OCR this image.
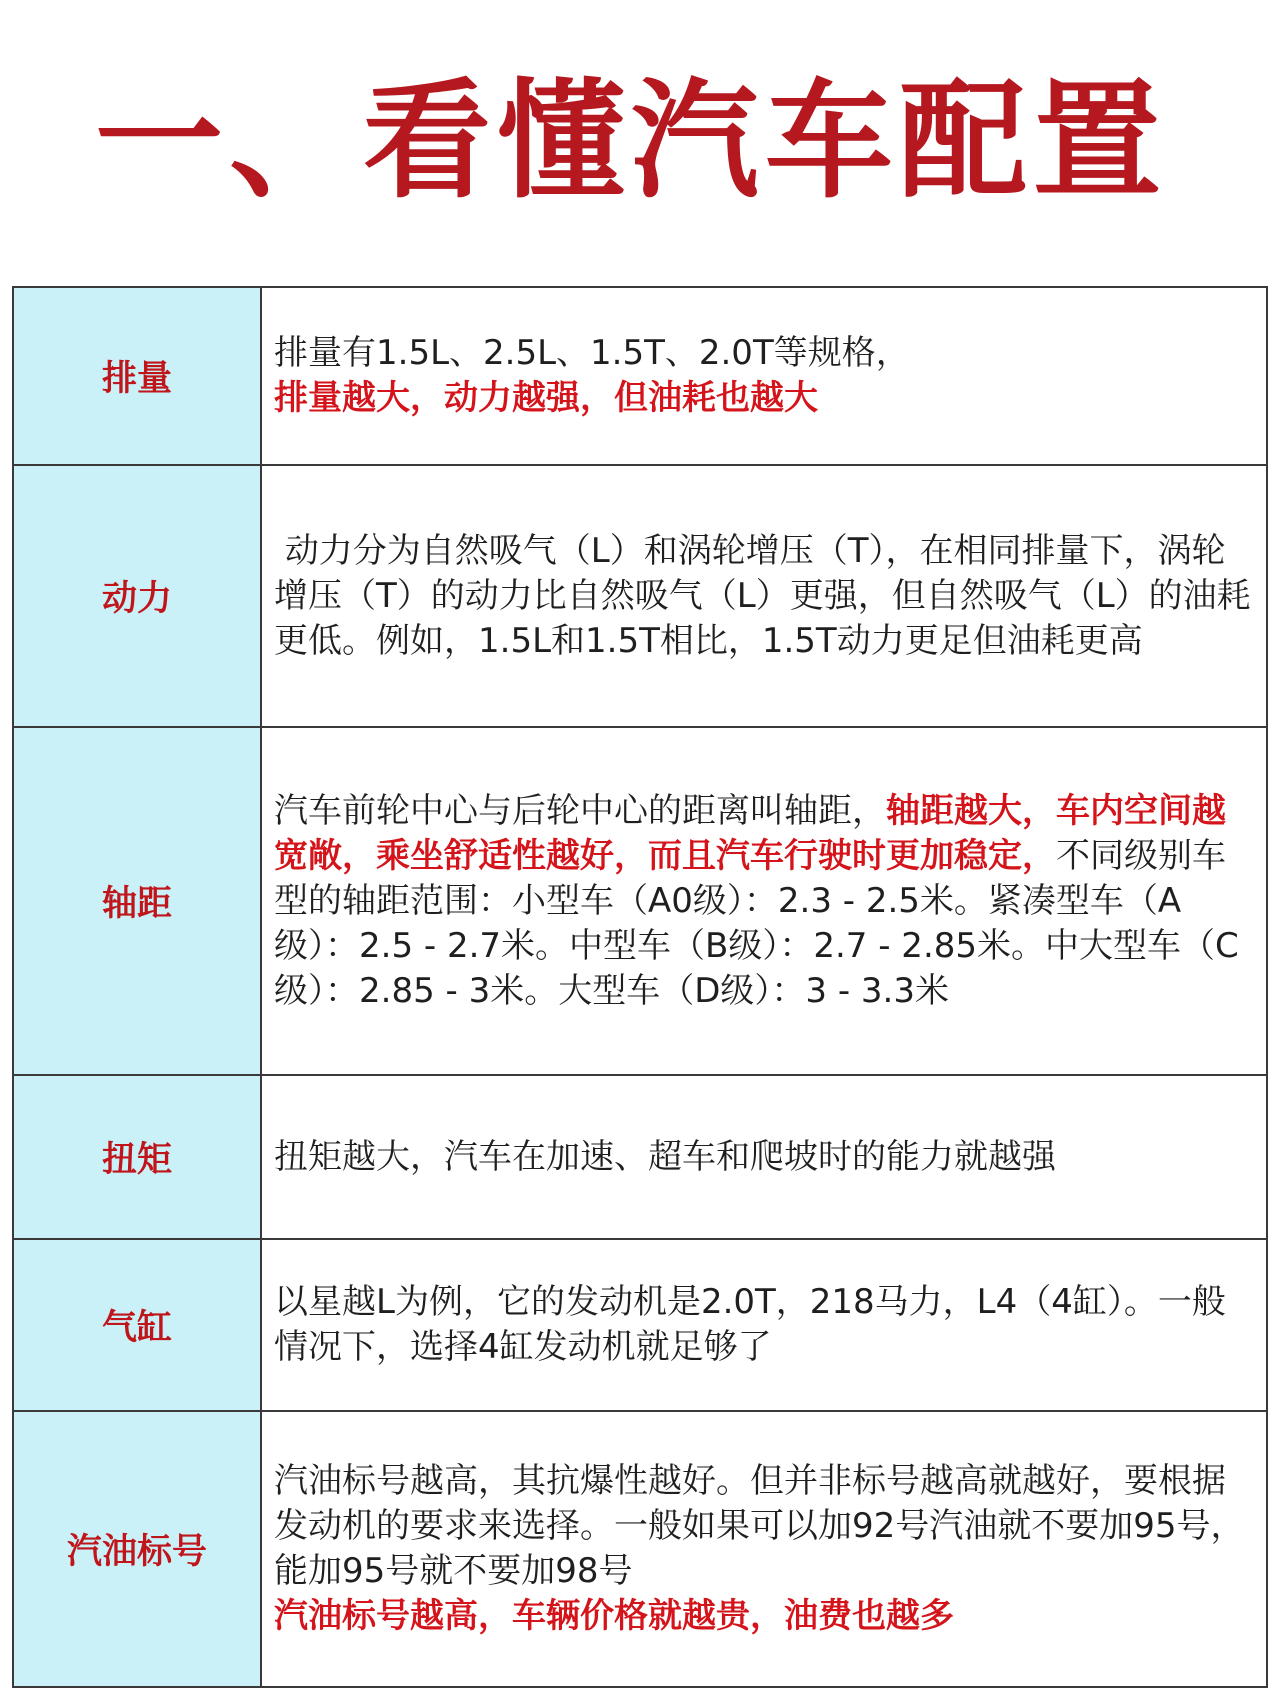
一、看懂汽车配置
排量	排量有1.5L、2.5L、1.5T、2.0T等规格，
排量越大，动力越强，但油耗也越大

动力	动力分为自然吸气（L）和涡轮增压（T），在相同排量下，涡轮增压（T）的动力比自然吸气（L）更强，但自然吸气（L）的油耗更低。例如，1.5L和1.5T相比，1.5T动力更足但油耗更高
轴距	汽车前轮中心与后轮中心的距离叫轴距，轴距越大，车内空间越宽敞，乘坐舒适性越好，而且汽车行驶时更加稳定，不同级别车型的轴距范围：小型车（A0级）：2.3 - 2.5米。紧凑型车（A级）：2.5 - 2.7米。中型车（B级）：2.7 - 2.85米。中大型车（C级）：2.85 - 3米。大型车（D级）：3 - 3.3米
扭矩	扭矩越大，汽车在加速、超车和爬坡时的能力就越强
气缸	以星越L为例，它的发动机是2.0T，218马力，L4（4缸）。一般情况下，选择4缸发动机就足够了
汽油标号	汽油标号越高，其抗爆性越好。但并非标号越高就越好，要根据发动机的要求来选择。一般如果可以加92号汽油就不要加95号，能加95号就不要加98号
汽油标号越高，车辆价格就越贵，油费也越多
